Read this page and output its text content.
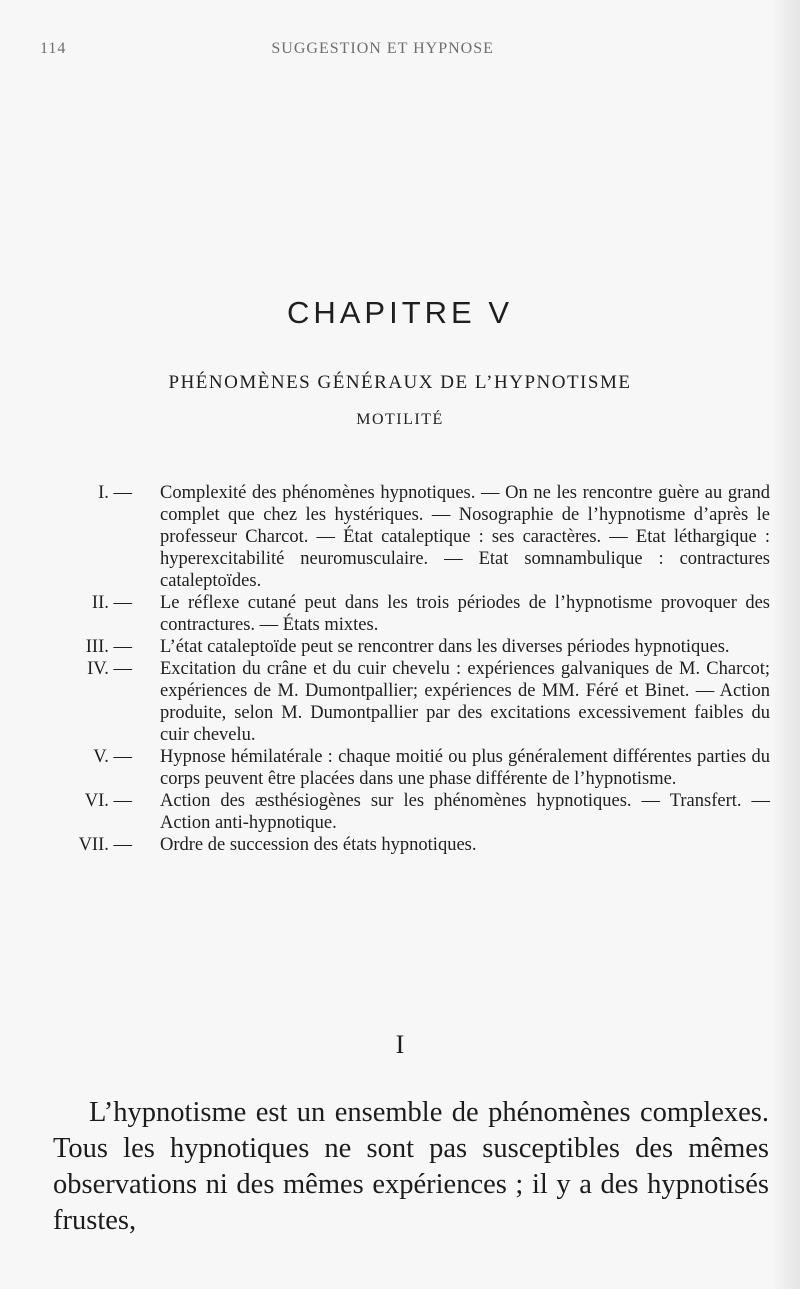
114	SUGGESTION ET HYPNOSE
CHAPITRE V
PHÉNOMÈNES GÉNÉRAUX DE L’HYPNOTISME
MOTILITÉ
I. — Complexité des phénomènes hypnotiques. — On ne les rencontre guère au grand complet que chez les hystériques. — Nosographie de l’hypnotisme d’après le professeur Charcot. — État cataleptique : ses caractères. — Etat léthargique : hyperexcitabilité neuromusculaire. — Etat somnambulique : contractures cataleptoïdes.
II. — Le réflexe cutané peut dans les trois périodes de l’hypnotisme provoquer des contractures. — États mixtes.
III. — L’état cataleptoïde peut se rencontrer dans les diverses périodes hypnotiques.
IV. — Excitation du crâne et du cuir chevelu : expériences galvaniques de M. Charcot; expériences de M. Dumontpallier; expériences de MM. Féré et Binet. — Action produite, selon M. Dumontpallier par des excitations excessivement faibles du cuir chevelu.
V. — Hypnose hémilatérale : chaque moitié ou plus généralement différentes parties du corps peuvent être placées dans une phase différente de l’hypnotisme.
VI. — Action des æsthésiogènes sur les phénomènes hypnotiques. — Transfert. — Action anti-hypnotique.
VII. — Ordre de succession des états hypnotiques.
I

L’hypnotisme est un ensemble de phénomènes complexes. Tous les hypnotiques ne sont pas susceptibles des mêmes observations ni des mêmes expériences ; il y a des hypnotisés frustes,
